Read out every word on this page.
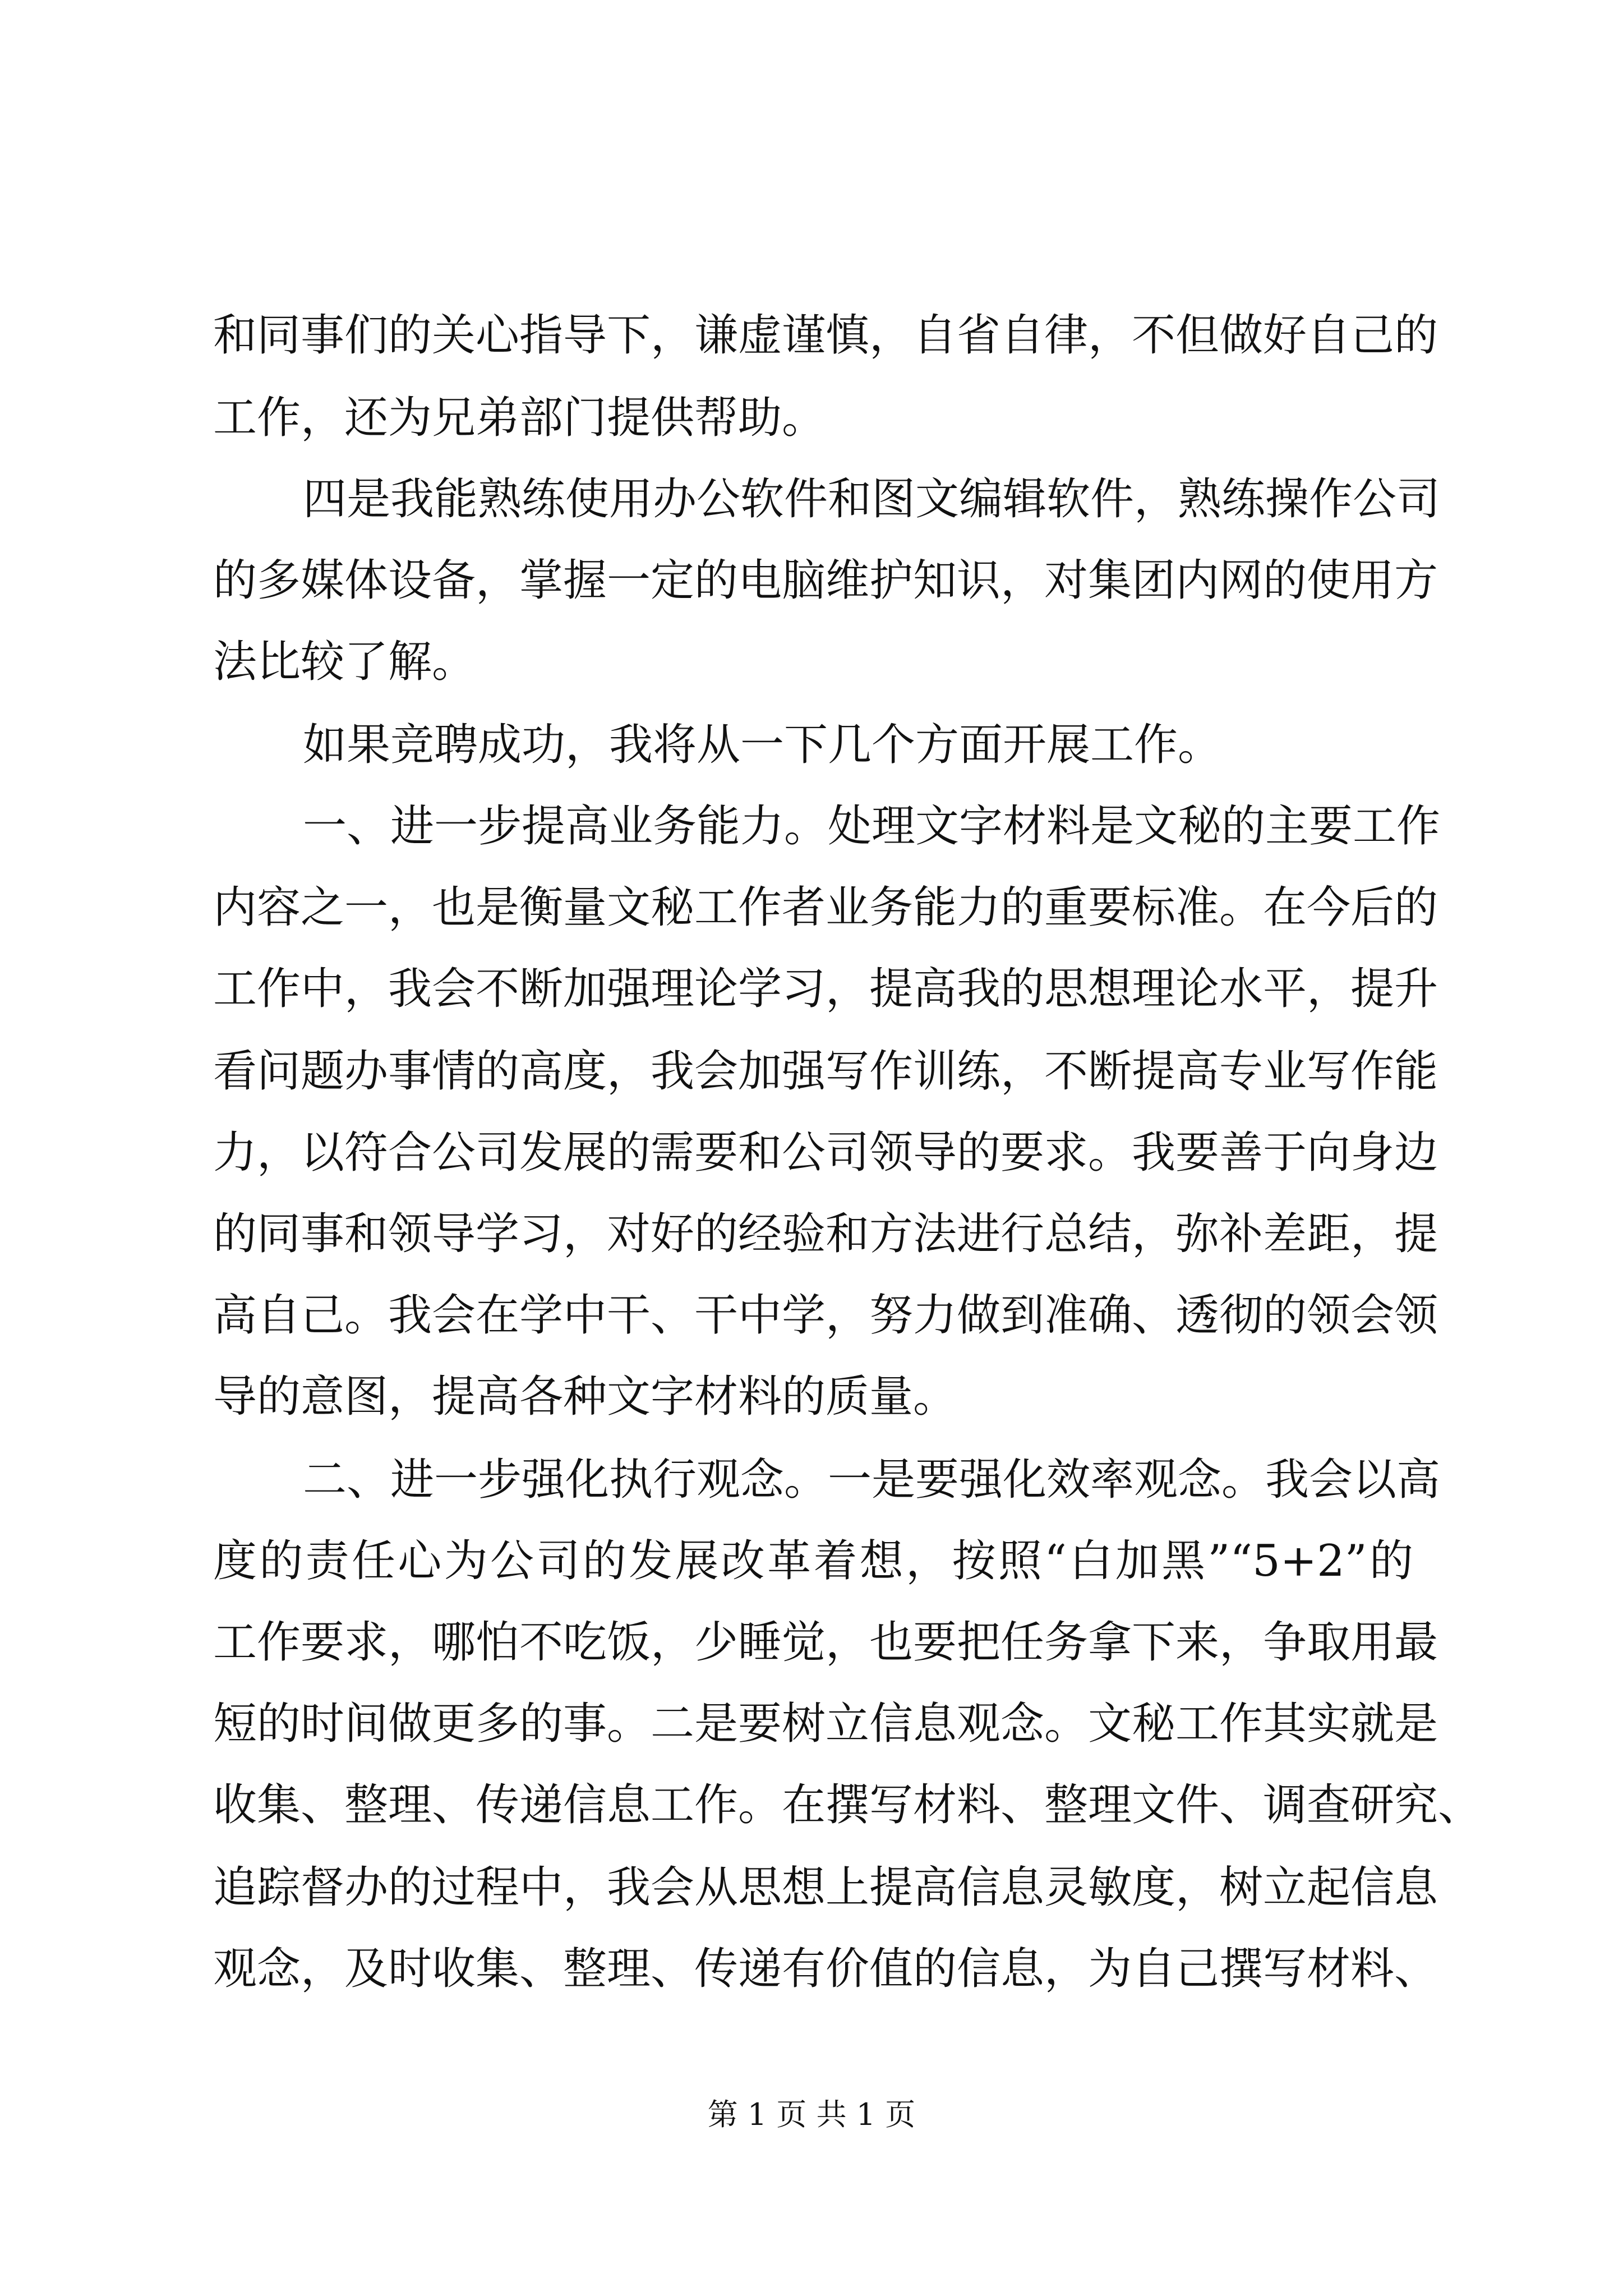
和同事们的关心指导下，谦虚谨慎，自省自律，不但做好自己的
工作，还为兄弟部门提供帮助。
四是我能熟练使用办公软件和图文编辑软件，熟练操作公司
的多媒体设备，掌握一定的电脑维护知识，对集团内网的使用方
法比较了解。
如果竞聘成功，我将从一下几个方面开展工作。
一、进一步提高业务能力。处理文字材料是文秘的主要工作
内容之一，也是衡量文秘工作者业务能力的重要标准。在今后的
工作中，我会不断加强理论学习，提高我的思想理论水平，提升
看问题办事情的高度，我会加强写作训练，不断提高专业写作能
力，以符合公司发展的需要和公司领导的要求。我要善于向身边
的同事和领导学习，对好的经验和方法进行总结，弥补差距，提
高自己。我会在学中干、干中学，努力做到准确、透彻的领会领
导的意图，提高各种文字材料的质量。
二、进一步强化执行观念。一是要强化效率观念。我会以高
度的责任心为公司的发展改革着想，按照“白加黑”“5+2”的
工作要求，哪怕不吃饭，少睡觉，也要把任务拿下来，争取用最
短的时间做更多的事。二是要树立信息观念。文秘工作其实就是
收集、整理、传递信息工作。在撰写材料、整理文件、调查研究、
追踪督办的过程中，我会从思想上提高信息灵敏度，树立起信息
观念，及时收集、整理、传递有价值的信息，为自己撰写材料、
第 1 页 共 1 页
